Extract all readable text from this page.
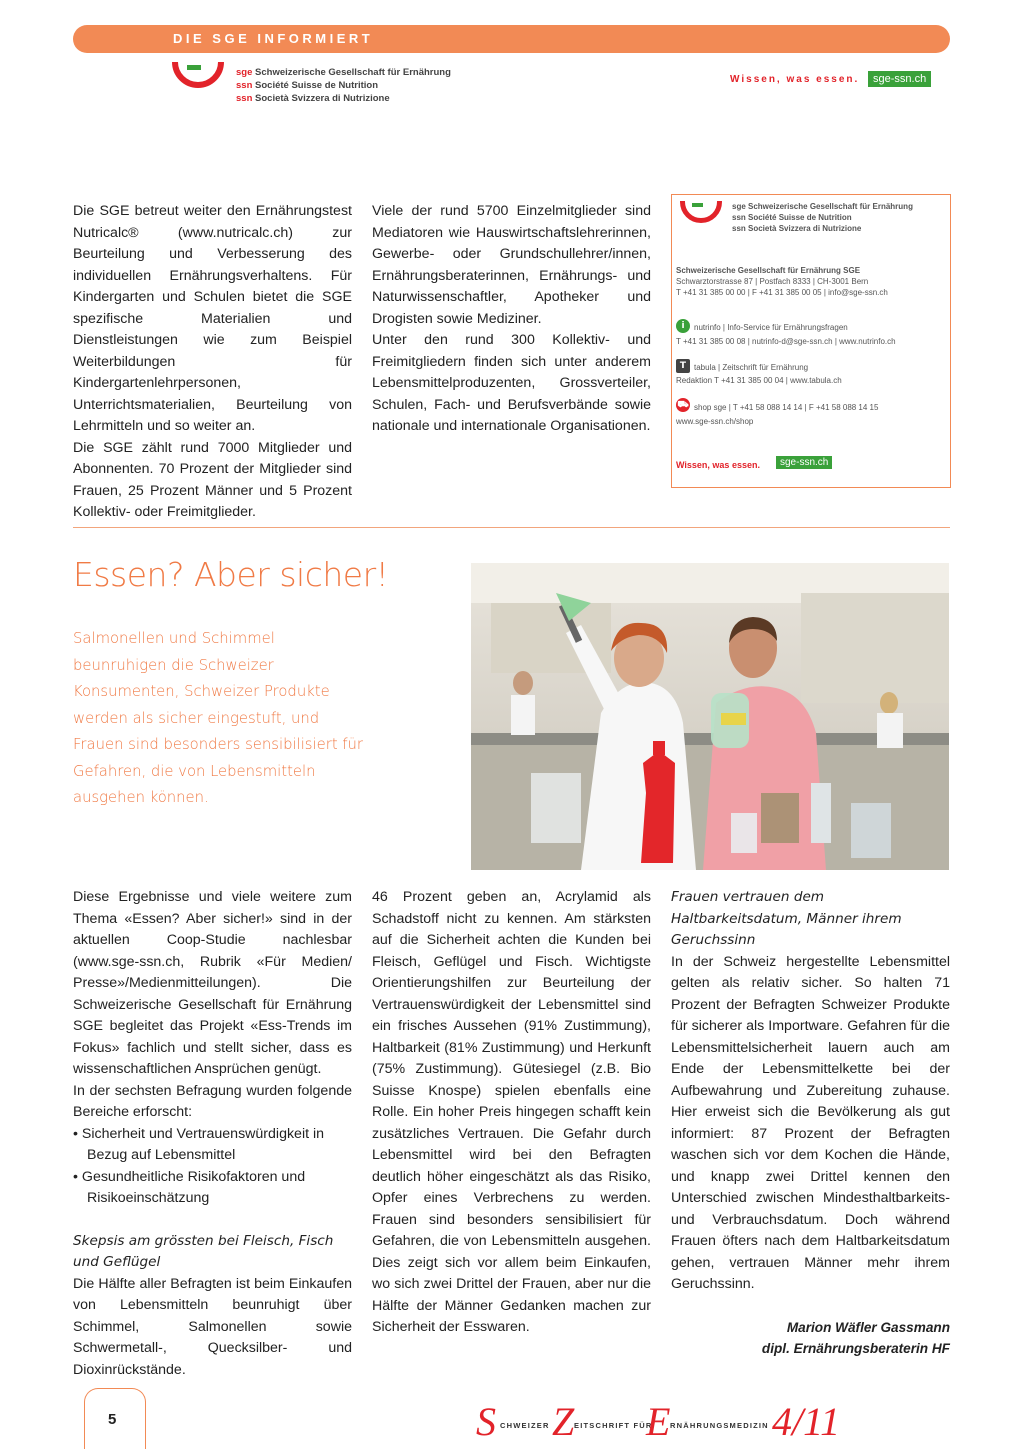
DIE SGE INFORMIERT
sge Schweizerische Gesellschaft für Ernährung
ssn Société Suisse de Nutrition
ssn Società Svizzera di Nutrizione
Wissen, was essen.	sge-ssn.ch

Die SGE betreut weiter den Ernährungstest Nutricalc® (www.nutricalc.ch) zur Beurteilung und Verbesserung des individuellen Ernährungsverhaltens. Für Kindergarten und Schulen bietet die SGE spezifische Materialien und Dienstleistungen wie zum Beispiel Weiterbildungen für Kindergartenlehrpersonen, Unterrichtsmaterialien, Beurteilung von Lehrmitteln und so weiter an.

Die SGE zählt rund 7000 Mitglieder und Abonnenten. 70 Prozent der Mitglieder sind Frauen, 25 Prozent Männer und 5 Prozent Kollektiv- oder Freimitglieder.

Viele der rund 5700 Einzelmitglieder sind Mediatoren wie Hauswirtschaftslehrerinnen, Gewerbe- oder Grundschullehrer/innen, Ernährungsberaterinnen, Ernährungs- und Naturwissenschaftler, Apotheker und Drogisten sowie Mediziner.

Unter den rund 300 Kollektiv- und Freimitgliedern finden sich unter anderem Lebensmittelproduzenten, Grossverteiler, Schulen, Fach- und Berufsverbände sowie nationale und internationale Organisationen.

sge Schweizerische Gesellschaft für Ernährung
ssn Société Suisse de Nutrition
ssn Società Svizzera di Nutrizione
Schweizerische Gesellschaft für Ernährung SGE
Schwarztorstrasse 87 | Postfach 8333 | CH-3001 Bern
T +41 31 385 00 00 | F +41 31 385 00 05 | info@sge-ssn.ch
i	nutrinfo | Info-Service für Ernährungsfragen
T +41 31 385 00 08 | nutrinfo-d@sge-ssn.ch | www.nutrinfo.ch
T tabula | Zeitschrift für Ernährung
Redaktion T +41 31 385 00 04 | www.tabula.ch
⛟ shop sge | T +41 58 088 14 14 | F +41 58 088 14 15
www.sge-ssn.ch/shop
Wissen, was essen.	sge-ssn.ch
Essen? Aber sicher!
Salmonellen und Schimmel beunruhigen die Schweizer Konsumenten, Schweizer Produkte werden als sicher eingestuft, und Frauen sind besonders sensibilisiert für Gefahren, die von Lebensmitteln ausgehen können.

Diese Ergebnisse und viele weitere zum Thema «Essen? Aber sicher!» sind in der aktuellen Coop-Studie nachlesbar (www.sge-ssn.ch, Rubrik «Für Medien/ Presse»/Medienmitteilungen). Die Schweizerische Gesellschaft für Ernährung SGE begleitet das Projekt «Ess-Trends im Fokus» fachlich und stellt sicher, dass es wissenschaftlichen Ansprüchen genügt.

In der sechsten Befragung wurden folgende Bereiche erforscht:

• Sicherheit und Vertrauenswürdigkeit in Bezug auf Lebensmittel

• Gesundheitliche Risikofaktoren und Risikoeinschätzung

Skepsis am grössten bei Fleisch, Fisch und Geflügel

Die Hälfte aller Befragten ist beim Einkaufen von Lebensmitteln beunruhigt über Schimmel, Salmonellen sowie Schwermetall-, Quecksilber- und Dioxinrückstände.

46 Prozent geben an, Acrylamid als Schadstoff nicht zu kennen. Am stärksten auf die Sicherheit achten die Kunden bei Fleisch, Geflügel und Fisch. Wichtigste Orientierungshilfen zur Beurteilung der Vertrauenswürdigkeit der Lebensmittel sind ein frisches Aussehen (91% Zustimmung), Haltbarkeit (81% Zustimmung) und Herkunft (75% Zustimmung). Gütesiegel (z.B. Bio Suisse Knospe) spielen ebenfalls eine Rolle. Ein hoher Preis hingegen schafft kein zusätzliches Vertrauen. Die Gefahr durch Lebensmittel wird bei den Befragten deutlich höher eingeschätzt als das Risiko, Opfer eines Verbrechens zu werden. Frauen sind besonders sensibilisiert für Gefahren, die von Lebensmitteln ausgehen. Dies zeigt sich vor allem beim Einkaufen, wo sich zwei Drittel der Frauen, aber nur die Hälfte der Männer Gedanken machen zur Sicherheit der Esswaren.

Frauen vertrauen dem Haltbarkeitsdatum, Männer ihrem Geruchssinn

In der Schweiz hergestellte Lebensmittel gelten als relativ sicher. So halten 71 Prozent der Befragten Schweizer Produkte für sicherer als Importware. Gefahren für die Lebensmittelsicherheit lauern auch am Ende der Lebensmittelkette bei der Aufbewahrung und Zubereitung zuhause. Hier erweist sich die Bevölkerung als gut informiert: 87 Prozent der Befragten waschen sich vor dem Kochen die Hände, und knapp zwei Drittel kennen den Unterschied zwischen Mindesthaltbarkeits- und Verbrauchsdatum. Doch während Frauen öfters nach dem Haltbarkeitsdatum gehen, vertrauen Männer mehr ihrem Geruchssinn.

Marion Wäfler Gassmann

dipl. Ernährungsberaterin HF

5	S CHWEIZER Z EITSCHRIFT FÜR
E RNÄHRUNGSMEDIZIN 4/11
